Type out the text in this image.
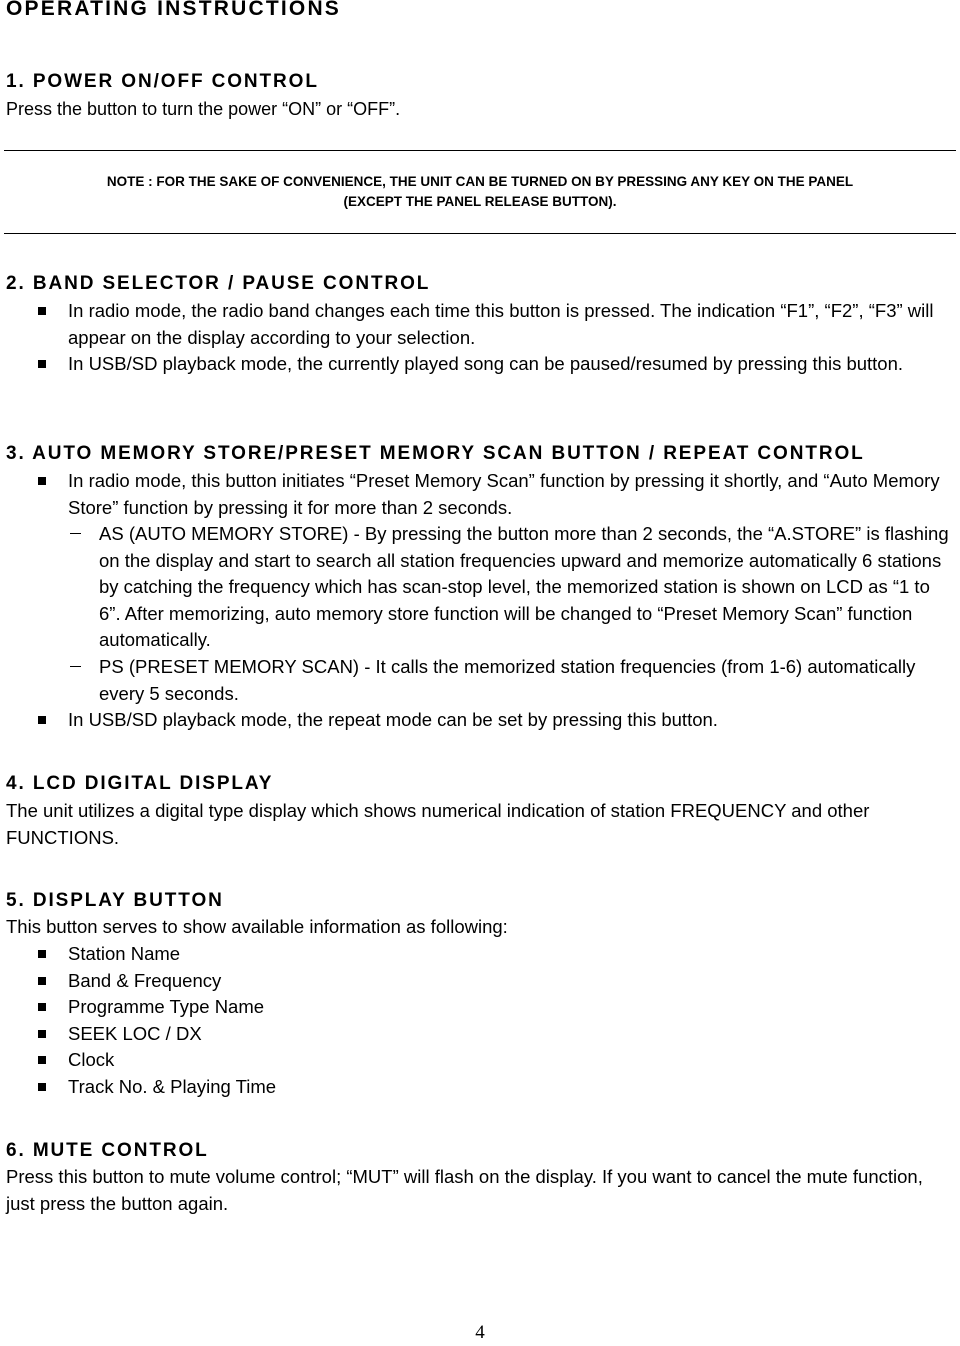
OPERATING INSTRUCTIONS
1. POWER ON/OFF CONTROL
Press the button to turn the power “ON” or “OFF”.
NOTE : FOR THE SAKE OF CONVENIENCE, THE UNIT CAN BE TURNED ON BY PRESSING ANY KEY ON THE PANEL
(EXCEPT THE PANEL RELEASE BUTTON).
2. BAND SELECTOR / PAUSE CONTROL
In radio mode, the radio band changes each time this button is pressed. The indication “F1”, “F2”, “F3” will appear on the display according to your selection.
In USB/SD playback mode, the currently played song can be paused/resumed by pressing this button.
3. AUTO MEMORY STORE/PRESET MEMORY SCAN BUTTON / REPEAT CONTROL
In radio mode, this button initiates “Preset Memory Scan” function by pressing it shortly, and “Auto Memory Store” function by pressing it for more than 2 seconds.
AS (AUTO MEMORY STORE) - By pressing the button more than 2 seconds, the “A.STORE” is flashing on the display and start to search all station frequencies upward and memorize automatically 6 stations by catching the frequency which has scan-stop level, the memorized station is shown on LCD as “1 to 6”. After memorizing, auto memory store function will be changed to “Preset Memory Scan” function automatically.
PS (PRESET MEMORY SCAN) - It calls the memorized station frequencies (from 1-6) automatically every 5 seconds.
In USB/SD playback mode, the repeat mode can be set by pressing this button.
4. LCD DIGITAL DISPLAY
The unit utilizes a digital type display which shows numerical indication of station FREQUENCY and other FUNCTIONS.
5. DISPLAY BUTTON
This button serves to show available information as following:
Station Name
Band & Frequency
Programme Type Name
SEEK LOC / DX
Clock
Track No. & Playing Time
6. MUTE CONTROL
Press this button to mute volume control; “MUT” will flash on the display. If you want to cancel the mute function, just press the button again.
4
